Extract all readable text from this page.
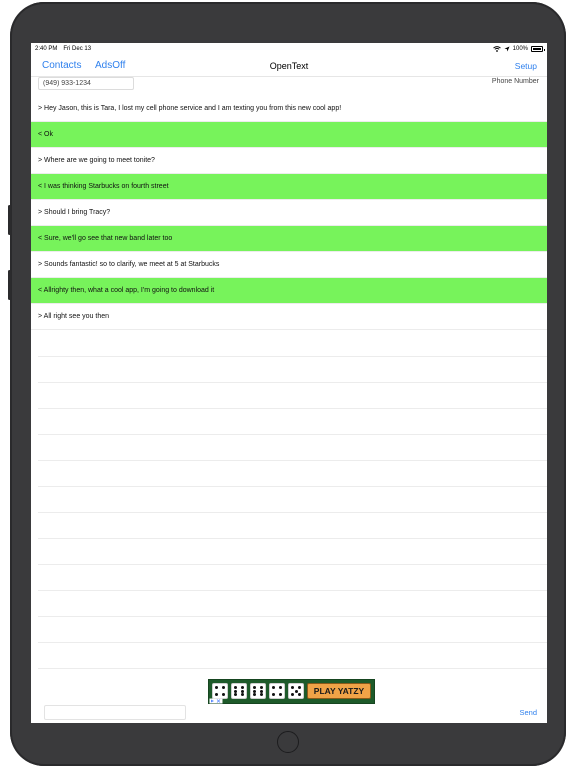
2:40 PM Fri Dec 13	100%
Contacts AdsOff	OpenText	Setup
(949) 933-1234
Phone Number
> Hey Jason, this is Tara, I lost my cell phone service and I am texting you from this new cool app!
< Ok
> Where are we going to meet tonite?
< I was thinking Starbucks on fourth street
> Should I bring Tracy?
< Sure, we'll go see that new band later too
> Sounds fantastic! so to clarify, we meet at 5 at Starbucks
< Allrighty then, what a cool app, I'm going to download it
> All right see you then
PLAY YATZY
Send
